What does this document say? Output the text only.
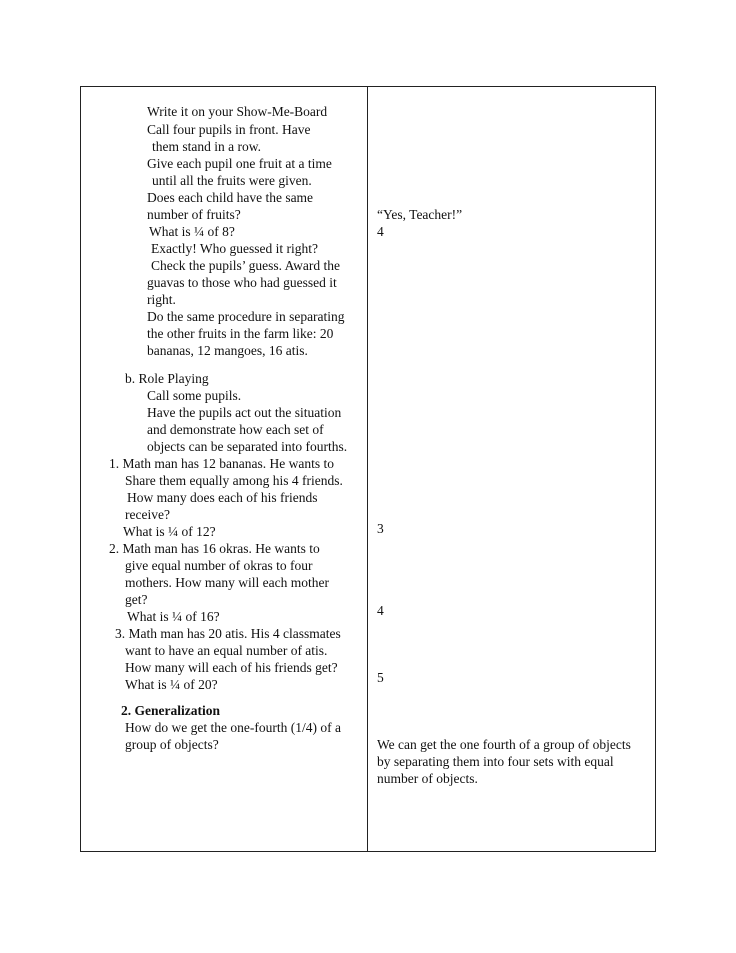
Write it on your Show-Me-Board
Call four pupils in front. Have
them stand in a row.
Give each pupil one fruit at a time
until all the fruits were given.
Does each child have the same
number of fruits?
What is ¼ of 8?
Exactly! Who guessed it right?
Check the pupils’ guess. Award the
guavas to those who had guessed it
right.
Do the same procedure in separating
the other fruits in the farm like: 20
bananas, 12 mangoes, 16 atis.
b. Role Playing
Call some pupils.
Have the pupils act out the situation
and demonstrate how each set of
objects can be separated into fourths.
1. Math man has 12 bananas. He wants to
Share them equally among his 4 friends.
How many does each of his friends
receive?
What is ¼ of 12?
2. Math man has 16 okras. He wants to
give equal number of okras to four
mothers. How many will each mother
get?
What is ¼ of 16?
3. Math man has 20 atis. His 4 classmates
want to have an equal number of atis.
How many will each of his friends get?
What is ¼ of 20?
2. Generalization
How do we get the one-fourth (1/4) of a
group of objects?
“Yes, Teacher!”
4
3
4
5
We can get the one fourth of a group of objects
by separating them into four sets with equal
number of objects.
